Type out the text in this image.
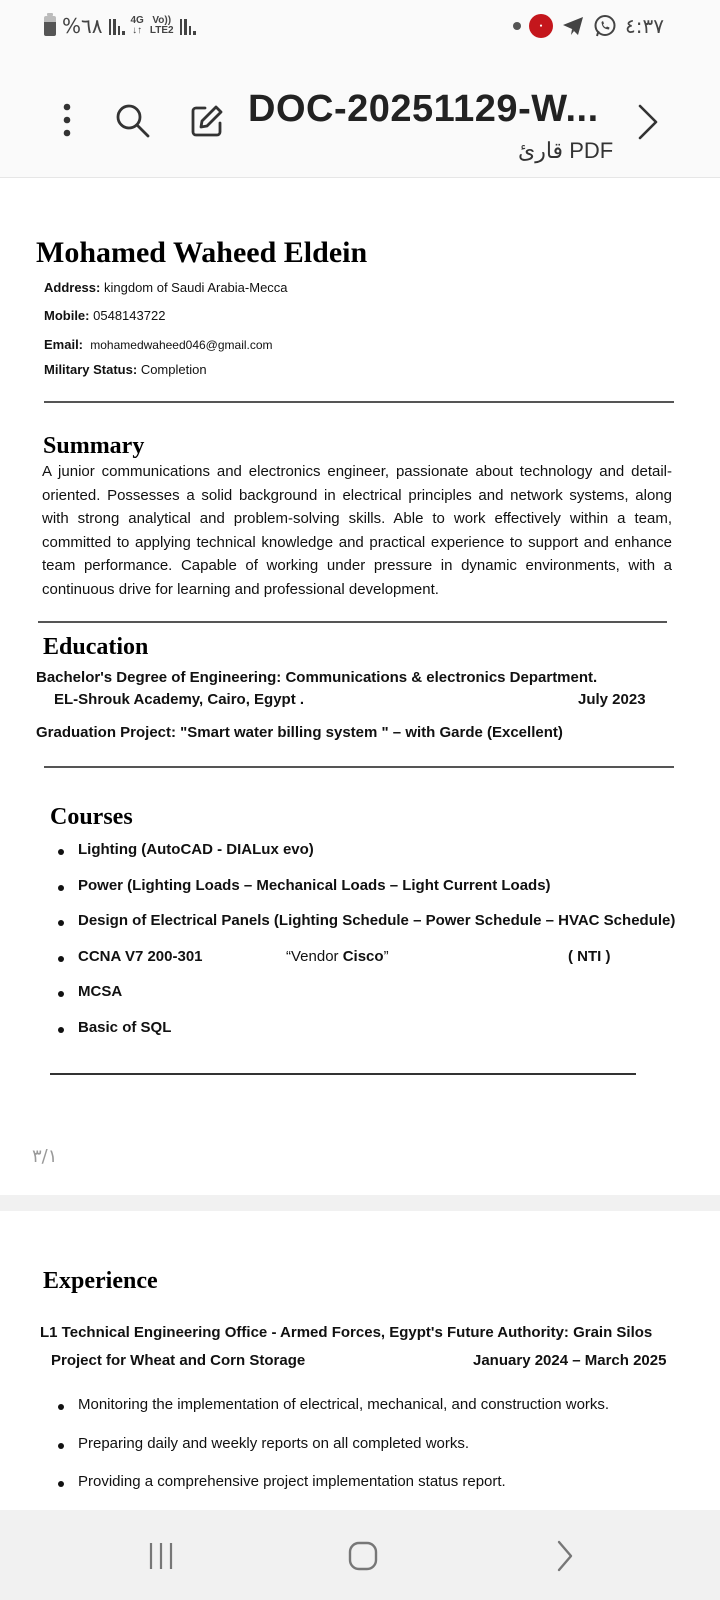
%٦٨	4G
↓↑
Vo))
LTE2	●	٤:٣٧
DOC-20251129-W...
قارئ PDF
Mohamed Waheed Eldein
Address: kingdom of Saudi Arabia-Mecca
Mobile: 0548143722
Email: mohamedwaheed046@gmail.com
Military Status: Completion
Summary
A junior communications and electronics engineer, passionate about technology and detail-oriented. Possesses a solid background in electrical principles and network systems, along with strong analytical and problem-solving skills. Able to work effectively within a team, committed to applying technical knowledge and practical experience to support and enhance team performance. Capable of working under pressure in dynamic environments, with a continuous drive for learning and professional development.
Education
Bachelor's Degree of Engineering: Communications & electronics Department.
EL-Shrouk Academy, Cairo, Egypt .	July 2023
Graduation Project: "Smart water billing system " – with Garde (Excellent)
Courses
Lighting (AutoCAD - DIALux evo)
Power (Lighting Loads – Mechanical Loads – Light Current Loads)
Design of Electrical Panels (Lighting Schedule – Power Schedule – HVAC Schedule)
CCNA V7 200-301	“Vendor Cisco”	( NTI )
MCSA
Basic of SQL
٣/١
Experience
L1 Technical Engineering Office - Armed Forces, Egypt's Future Authority: Grain Silos
Project for Wheat and Corn Storage	January 2024 – March 2025
Monitoring the implementation of electrical, mechanical, and construction works.
Preparing daily and weekly reports on all completed works.
Providing a comprehensive project implementation status report.
